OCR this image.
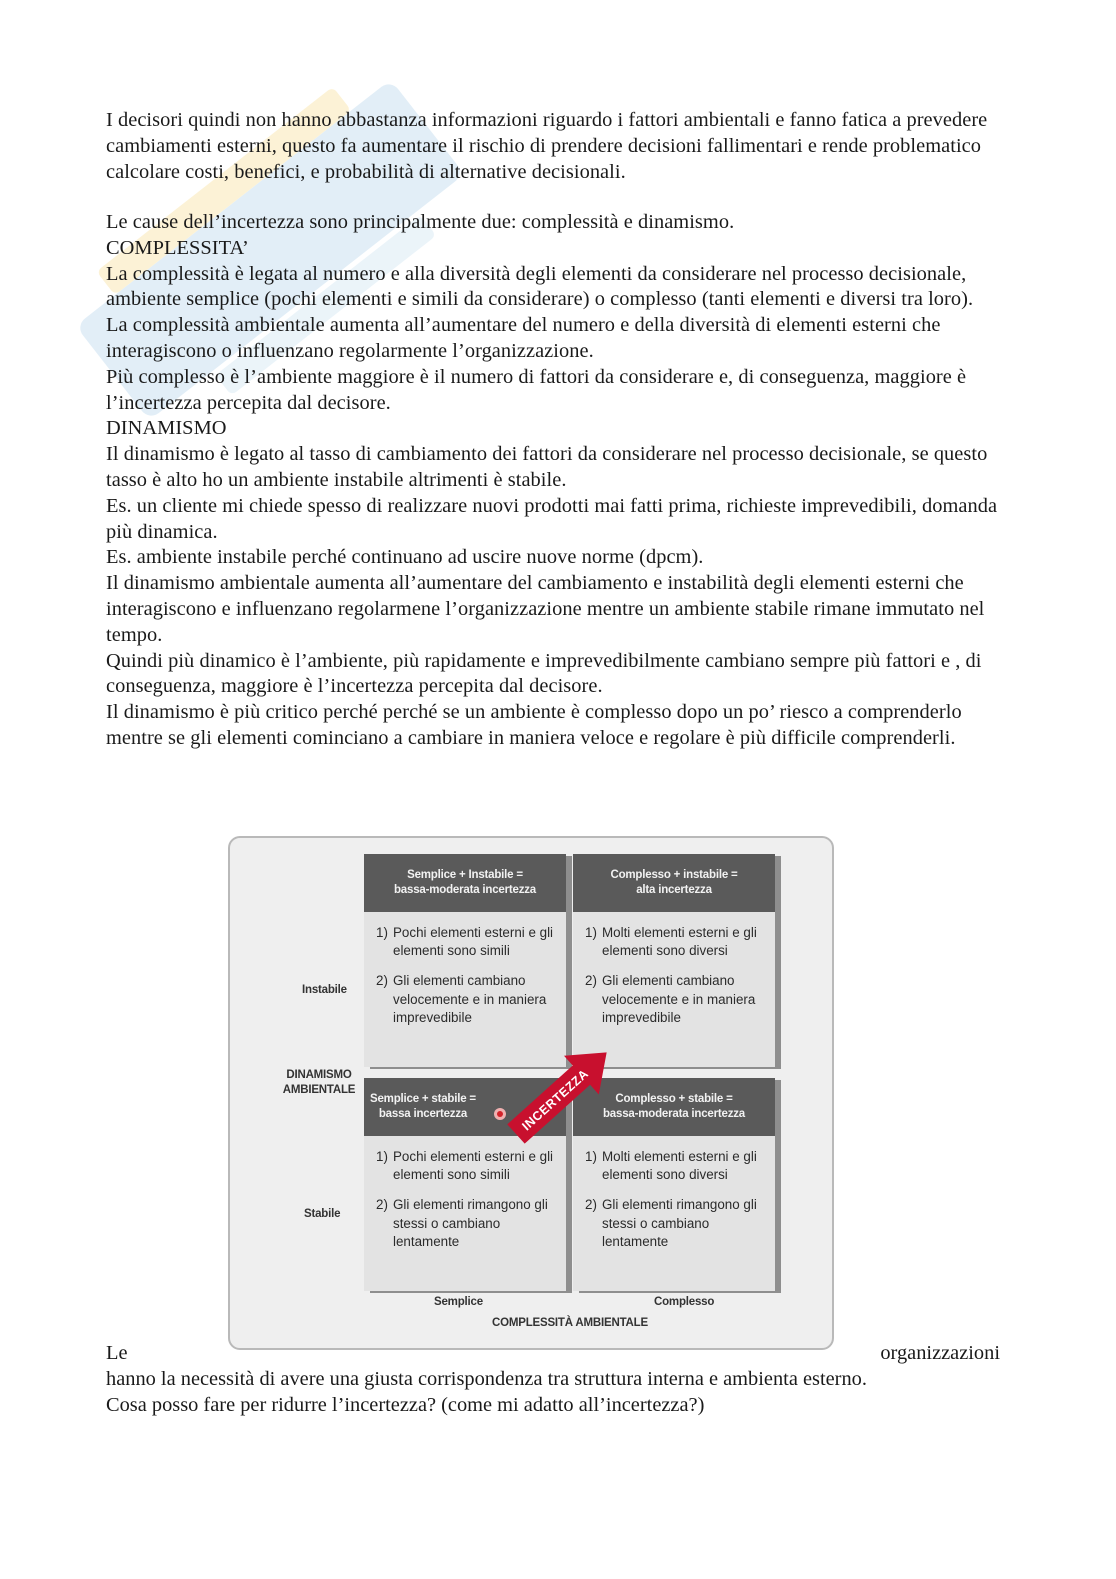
I decisori quindi non hanno abbastanza informazioni riguardo i fattori ambientali e fanno fatica a prevedere cambiamenti esterni, questo fa aumentare il rischio di prendere decisioni fallimentari e rende problematico calcolare costi, benefici, e probabilità di alternative decisionali.

Le cause dell’incertezza sono principalmente due: complessità e dinamismo.

COMPLESSITA’

La complessità è legata al numero e alla diversità degli elementi da considerare nel processo decisionale, ambiente semplice (pochi elementi e simili da considerare) o complesso (tanti elementi e diversi tra loro).

La complessità ambientale aumenta all’aumentare del numero e della diversità di elementi esterni che interagiscono o influenzano regolarmente l’organizzazione.

Più complesso è l’ambiente maggiore è il numero di fattori da considerare e, di conseguenza, maggiore è l’incertezza percepita dal decisore.

DINAMISMO

Il dinamismo è legato al tasso di cambiamento dei fattori da considerare nel processo decisionale, se questo tasso è alto ho un ambiente instabile altrimenti è stabile.

Es. un cliente mi chiede spesso di realizzare nuovi prodotti mai fatti prima, richieste imprevedibili, domanda più dinamica.

Es. ambiente instabile perché continuano ad uscire nuove norme (dpcm).

Il dinamismo ambientale aumenta all’aumentare del cambiamento e instabilità degli elementi esterni che interagiscono e influenzano regolarmene l’organizzazione mentre un ambiente stabile rimane immutato nel tempo.

Quindi più dinamico è l’ambiente, più rapidamente e imprevedibilmente cambiano sempre più fattori e , di conseguenza, maggiore è l’incertezza percepita dal decisore.

Il dinamismo è più critico perché perché se un ambiente è complesso dopo un po’ riesco a comprenderlo mentre se gli elementi cominciano a cambiare in maniera veloce e regolare è più difficile comprenderli.

Instabile
DINAMISMO
AMBIENTALE
Stabile
Semplice	Complesso
COMPLESSITÀ AMBIENTALE
Semplice + Instabile =
bassa-moderata incertezza
1) Pochi elementi esterni e gli elementi sono simili
2) Gli elementi cambiano velocemente e in maniera imprevedibile
Complesso + instabile =
alta incertezza
1) Molti elementi esterni e gli elementi sono diversi
2) Gli elementi cambiano velocemente e in maniera imprevedibile
Semplice + stabile =
bassa incertezza
1) Pochi elementi esterni e gli elementi sono simili
2) Gli elementi rimangono gli stessi o cambiano lentamente
Complesso + stabile =
bassa-moderata incertezza
1) Molti elementi esterni e gli elementi sono diversi
2) Gli elementi rimangono gli stessi o cambiano lentamente
INCERTEZZA
Le	organizzazioni
hanno la necessità di avere una giusta corrispondenza tra struttura interna e ambienta esterno.
Cosa posso fare per ridurre l’incertezza? (come mi adatto all’incertezza?)
